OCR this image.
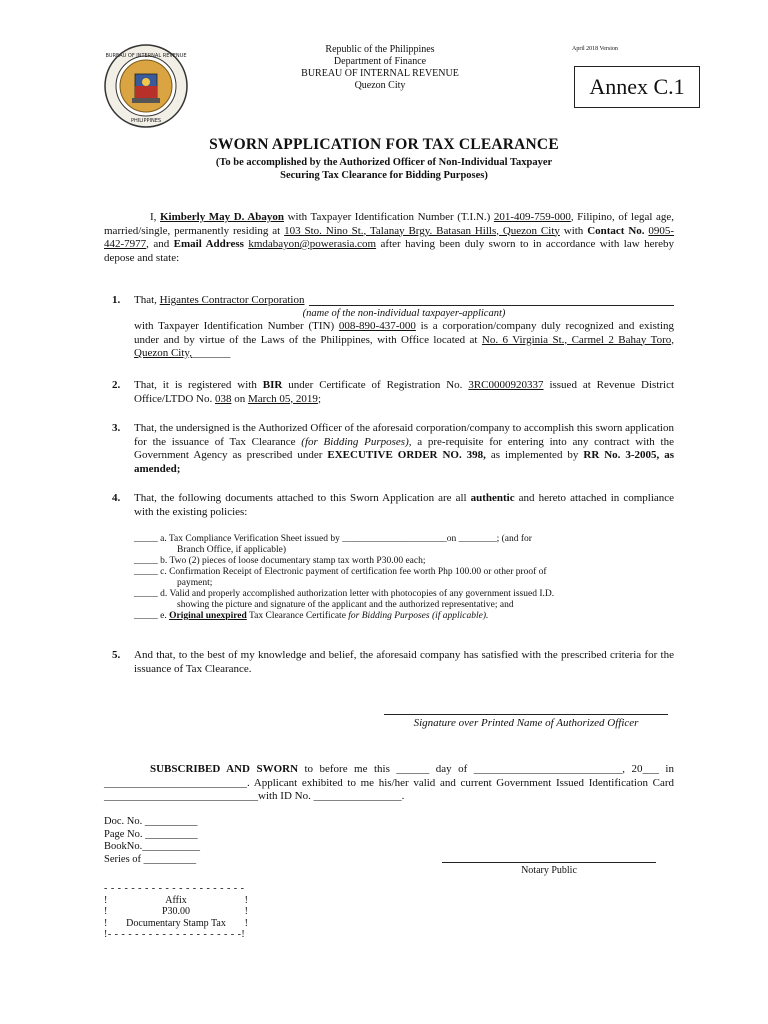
BUREAU OF INTERNAL REVENUE
PHILIPPINES
Republic of the Philippines
Department of Finance
BUREAU OF INTERNAL REVENUE
Quezon City
April 2018 Version
Annex C.1
SWORN APPLICATION FOR TAX CLEARANCE
(To be accomplished by the Authorized Officer of Non-Individual Taxpayer
Securing Tax Clearance for Bidding Purposes)

I, Kimberly May D. Abayon with Taxpayer Identification Number (T.I.N.) 201-409-759-000, Filipino, of legal age, married/single, permanently residing at 103 Sto. Nino St., Talanay Brgy. Batasan Hills, Quezon City with Contact No. 0905-442-7977, and Email Address kmdabayon@powerasia.com after having been duly sworn to in accordance with law hereby depose and state:

1. That, Higantes Contractor Corporation
(name of the non-individual taxpayer-applicant)

with Taxpayer Identification Number (TIN) 008-890-437-000 is a corporation/company duly recognized and existing under and by virtue of the Laws of the Philippines, with Office located at No. 6 Virginia St., Carmel 2 Bahay Toro, Quezon City,_______

2. That, it is registered with BIR under Certificate of Registration No. 3RC0000920337 issued at Revenue District Office/LTDO No. 038 on March 05, 2019;

3. That, the undersigned is the Authorized Officer of the aforesaid corporation/company to accomplish this sworn application for the issuance of Tax Clearance (for Bidding Purposes), a pre-requisite for entering into any contract with the Government Agency as prescribed under EXECUTIVE ORDER NO. 398, as implemented by RR No. 3-2005, as amended;

4. That, the following documents attached to this Sworn Application are all authentic and hereto attached in compliance with the existing policies:

_____ a. Tax Compliance Verification Sheet issued by ______________________on ________; (and for
Branch Office, if applicable)
_____ b. Two (2) pieces of loose documentary stamp tax worth P30.00 each;
_____ c. Confirmation Receipt of Electronic payment of certification fee worth Php 100.00 or other proof of
payment;
_____ d. Valid and properly accomplished authorization letter with photocopies of any government issued I.D.
showing the picture and signature of the applicant and the authorized representative; and
_____ e. Original unexpired Tax Clearance Certificate for Bidding Purposes (if applicable).
5. And that, to the best of my knowledge and belief, the aforesaid company has satisfied with the prescribed criteria for the issuance of Tax Clearance.

Signature over Printed Name of Authorized Officer

SUBSCRIBED AND SWORN to before me this ______ day of ___________________________, 20___ in __________________________. Applicant exhibited to me his/her valid and current Government Issued Identification Card ____________________________with ID No. ________________.

Doc. No. __________
Page No. __________
BookNo.___________
Series of __________
Notary Public
- - - - - - - - - - - - - - - - - - - - -
!	Affix	!
!	P30.00	!
! Documentary Stamp Tax !
!- - - - - - - - - - - - - - - - - - - -!
